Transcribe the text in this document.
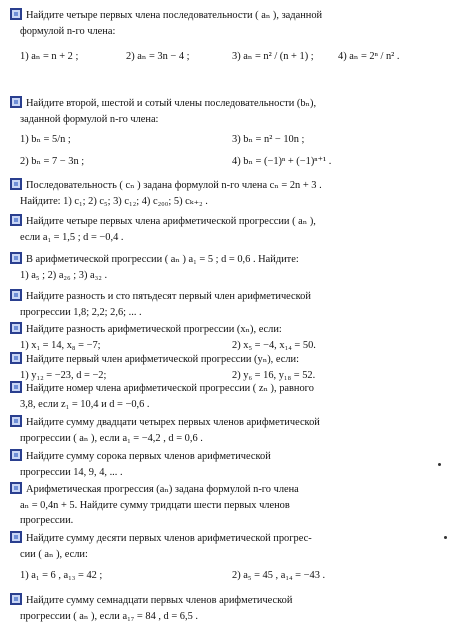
Найдите четыре первых члена последовательности ( aₙ ), заданной
формулой n-го члена:
1) aₙ = n + 2 ;	2) aₙ = 3n − 4 ;	3) aₙ = n² / (n + 1) ;	4) aₙ = 2ⁿ / n² .
Найдите второй, шестой и сотый члены последовательности (bₙ),
заданной формулой n-го члена:
1) bₙ = 5/n ;	3) bₙ = n² − 10n ;
2) bₙ = 7 − 3n ;	4) bₙ = (−1)ⁿ + (−1)ⁿ⁺¹ .
Последовательность ( cₙ ) задана формулой n-го члена cₙ = 2n + 3 .
Найдите: 1) c₁; 2) c₅; 3) c₁₂; 4) c₂₀₀; 5) cₖ₊₂ .
Найдите четыре первых члена арифметической прогрессии ( aₙ ),
если a₁ = 1,5 ; d = −0,4 .
В арифметической прогрессии ( aₙ ) a₁ = 5 ; d = 0,6 . Найдите:
1) a₅ ; 2) a₂₆ ; 3) a₃₂ .
Найдите разность и сто пятьдесят первый член арифметической
прогрессии 1,8; 2,2; 2,6; ... .
Найдите разность арифметической прогрессии (xₙ), если:
1) x₁ = 14, x₈ = −7;	2) x₅ = −4, x₁₄ = 50.
Найдите первый член арифметической прогрессии (yₙ), если:
1) y₁₂ = −23, d = −2;	2) y₆ = 16, y₁₈ = 52.
Найдите номер члена арифметической прогрессии ( zₙ ), равного
3,8, если z₁ = 10,4 и d = −0,6 .
Найдите сумму двадцати четырех первых членов арифметической
прогрессии ( aₙ ), если a₁ = −4,2 , d = 0,6 .
Найдите сумму сорока первых членов арифметической
прогрессии 14, 9, 4, ... .
Арифметическая прогрессия (aₙ) задана формулой n-го члена
aₙ = 0,4n + 5. Найдите сумму тридцати шести первых членов
прогрессии.
Найдите сумму десяти первых членов арифметической прогрес-
сии ( aₙ ), если:
1) a₁ = 6 , a₁₃ = 42 ;	2) a₅ = 45 , a₁₄ = −43 .
Найдите сумму семнадцати первых членов арифметической
прогрессии ( aₙ ), если a₁₇ = 84 , d = 6,5 .
